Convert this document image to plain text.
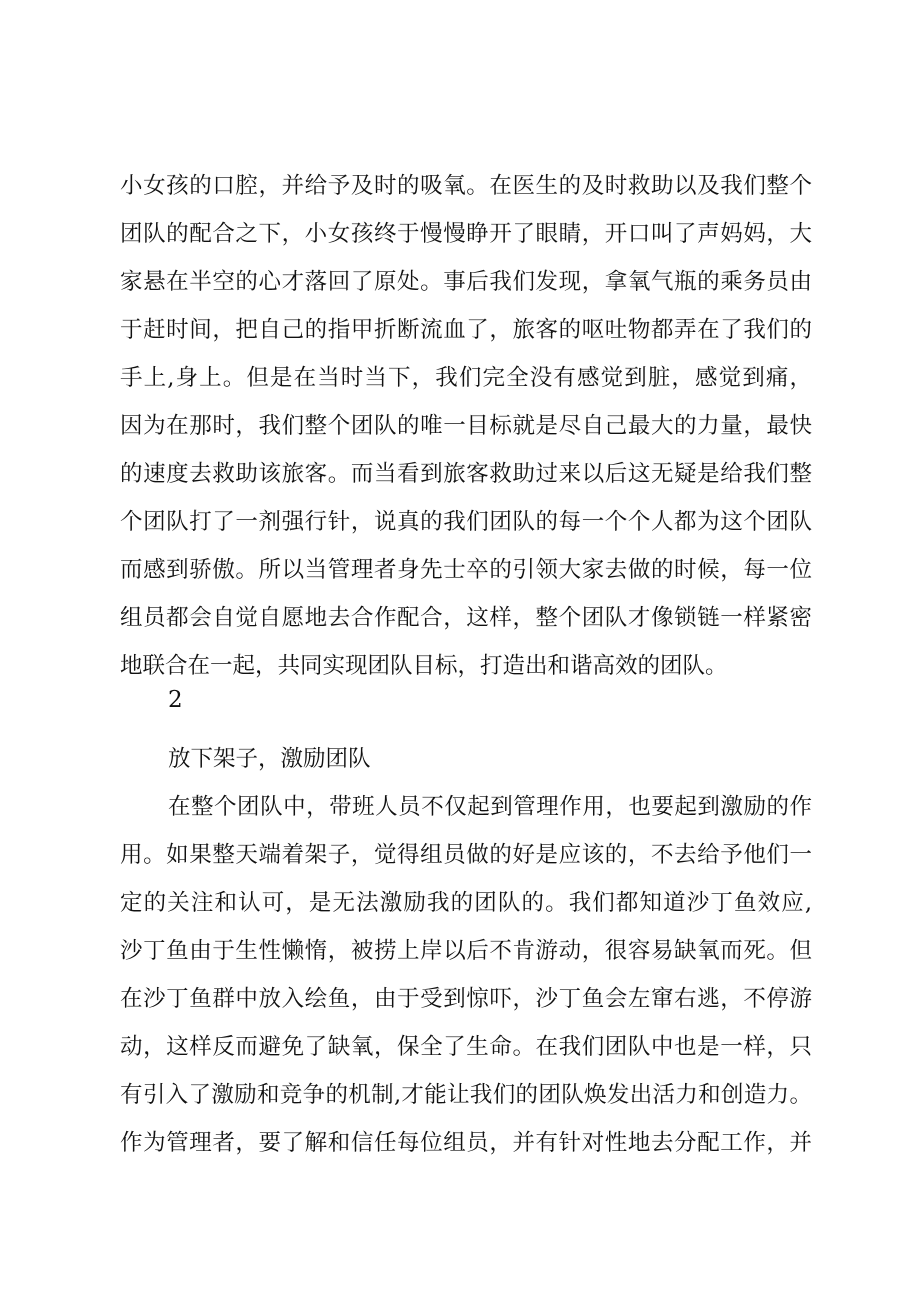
小女孩的口腔，并给予及时的吸氧。在医生的及时救助以及我们整个
团队的配合之下，小女孩终于慢慢睁开了眼睛，开口叫了声妈妈，大
家悬在半空的心才落回了原处。事后我们发现，拿氧气瓶的乘务员由
于赶时间，把自己的指甲折断流血了，旅客的呕吐物都弄在了我们的
手上,身上。但是在当时当下，我们完全没有感觉到脏，感觉到痛，
因为在那时，我们整个团队的唯一目标就是尽自己最大的力量，最快
的速度去救助该旅客。而当看到旅客救助过来以后这无疑是给我们整
个团队打了一剂强行针，说真的我们团队的每一个个人都为这个团队
而感到骄傲。所以当管理者身先士卒的引领大家去做的时候，每一位
组员都会自觉自愿地去合作配合，这样，整个团队才像锁链一样紧密
地联合在一起，共同实现团队目标，打造出和谐高效的团队。
2
放下架子，激励团队
在整个团队中，带班人员不仅起到管理作用，也要起到激励的作
用。如果整天端着架子，觉得组员做的好是应该的，不去给予他们一
定的关注和认可，是无法激励我的团队的。我们都知道沙丁鱼效应,
沙丁鱼由于生性懒惰，被捞上岸以后不肯游动，很容易缺氧而死。但
在沙丁鱼群中放入绘鱼，由于受到惊吓，沙丁鱼会左窜右逃，不停游
动，这样反而避免了缺氧，保全了生命。在我们团队中也是一样，只
有引入了激励和竞争的机制,才能让我们的团队焕发出活力和创造力。
作为管理者，要了解和信任每位组员，并有针对性地去分配工作，并
